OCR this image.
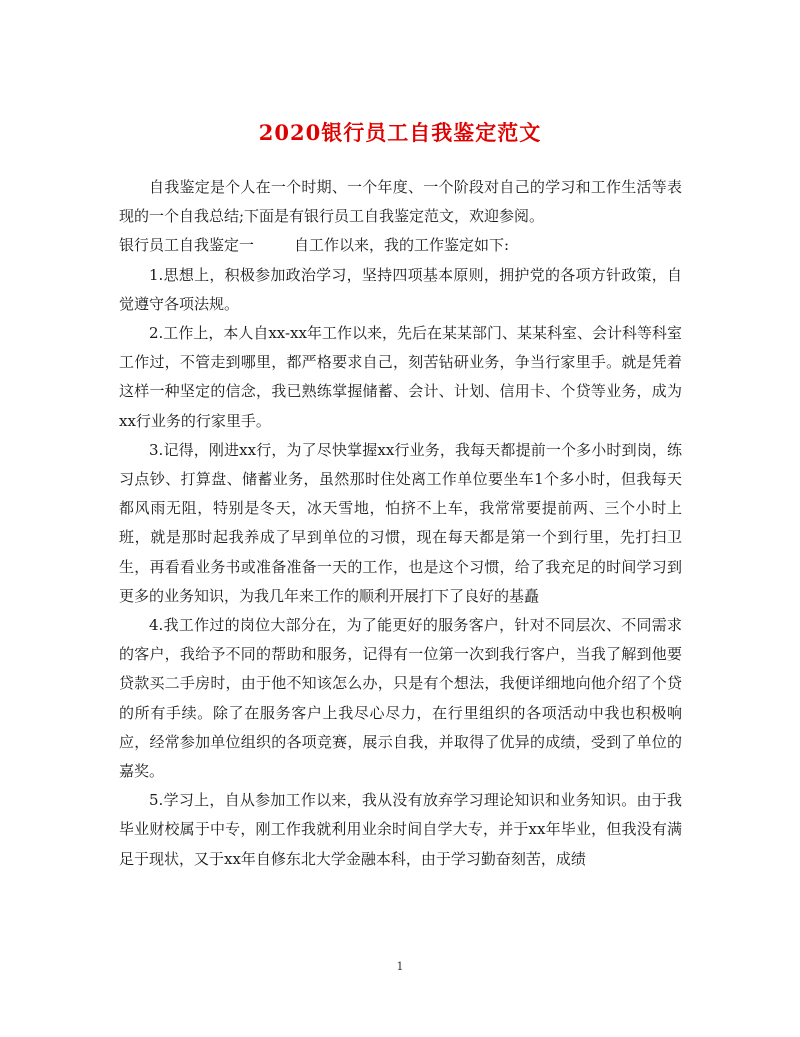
2020银行员工自我鉴定范文

自我鉴定是个人在一个时期、一个年度、一个阶段对自己的学习和工作生活等表现的一个自我总结;下面是有银行员工自我鉴定范文，欢迎参阅。

银行员工自我鉴定一	自工作以来，我的工作鉴定如下:

1.思想上，积极参加政治学习，坚持四项基本原则，拥护党的各项方针政策，自觉遵守各项法规。

2.工作上，本人自xx-xx年工作以来，先后在某某部门、某某科室、会计科等科室工作过，不管走到哪里，都严格要求自己，刻苦钻研业务，争当行家里手。就是凭着这样一种坚定的信念，我已熟练掌握储蓄、会计、计划、信用卡、个贷等业务，成为xx行业务的行家里手。

3.记得，刚进xx行，为了尽快掌握xx行业务，我每天都提前一个多小时到岗，练习点钞、打算盘、储蓄业务，虽然那时住处离工作单位要坐车1个多小时，但我每天都风雨无阻，特别是冬天，冰天雪地，怕挤不上车，我常常要提前两、三个小时上班，就是那时起我养成了早到单位的习惯，现在每天都是第一个到行里，先打扫卫生，再看看业务书或准备准备一天的工作，也是这个习惯，给了我充足的时间学习到更多的业务知识，为我几年来工作的顺利开展打下了良好的基矗

4.我工作过的岗位大部分在，为了能更好的服务客户，针对不同层次、不同需求的客户，我给予不同的帮助和服务，记得有一位第一次到我行客户，当我了解到他要贷款买二手房时，由于他不知该怎么办，只是有个想法，我便详细地向他介绍了个贷的所有手续。除了在服务客户上我尽心尽力，在行里组织的各项活动中我也积极响应，经常参加单位组织的各项竞赛，展示自我，并取得了优异的成绩，受到了单位的嘉奖。

5.学习上，自从参加工作以来，我从没有放弃学习理论知识和业务知识。由于我毕业财校属于中专，刚工作我就利用业余时间自学大专，并于xx年毕业，但我没有满足于现状，又于xx年自修东北大学金融本科，由于学习勤奋刻苦，成绩

1
